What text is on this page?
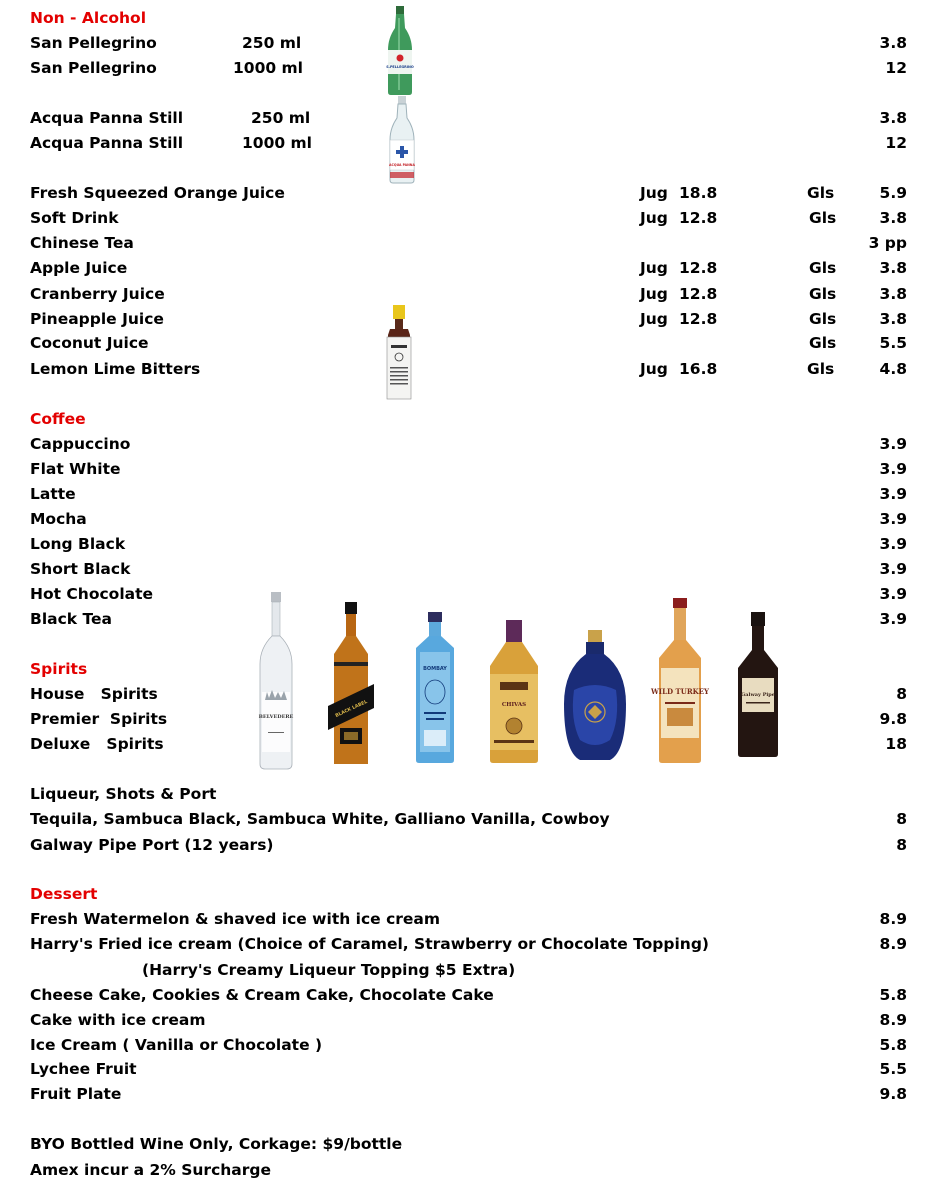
Non - Alcohol
San Pellegrino	250 ml	3.8
San Pellegrino	1000 ml	12
Acqua Panna Still	250 ml	3.8
Acqua Panna Still	1000 ml	12
S.PELLEGRINO
ACQUA PANNA
Fresh Squeezed Orange Juice	Jug 18.8	Gls	5.9
Soft Drink	Jug 12.8	Gls	3.8
Chinese Tea	3 pp
Apple Juice	Jug 12.8	Gls	3.8
Cranberry Juice	Jug 12.8	Gls	3.8
Pineapple Juice	Jug 12.8	Gls	3.8
Coconut Juice	Gls	5.5
Lemon Lime Bitters	Jug 16.8	Gls	4.8
Coffee
Cappuccino	3.9
Flat White	3.9
Latte	3.9
Mocha	3.9
Long Black	3.9
Short Black	3.9
Hot Chocolate	3.9
Black Tea	3.9
Spirits
House   Spirits	8
Premier  Spirits	9.8
Deluxe   Spirits	18
BELVEDERE	BLACK LABEL
BOMBAY
CHIVAS
WILD TURKEY	Galway Pipe
Liqueur, Shots & Port
Tequila, Sambuca Black, Sambuca White, Galliano Vanilla, Cowboy	8
Galway Pipe Port (12 years)	8
Dessert
Fresh Watermelon & shaved ice with ice cream	8.9
Harry's Fried ice cream (Choice of Caramel, Strawberry or Chocolate Topping)	8.9
(Harry's Creamy Liqueur Topping $5 Extra)
Cheese Cake, Cookies & Cream Cake, Chocolate Cake	5.8
Cake with ice cream	8.9
Ice Cream ( Vanilla or Chocolate )	5.8
Lychee Fruit	5.5
Fruit Plate	9.8
BYO Bottled Wine Only, Corkage: $9/bottle
Amex incur a 2% Surcharge
